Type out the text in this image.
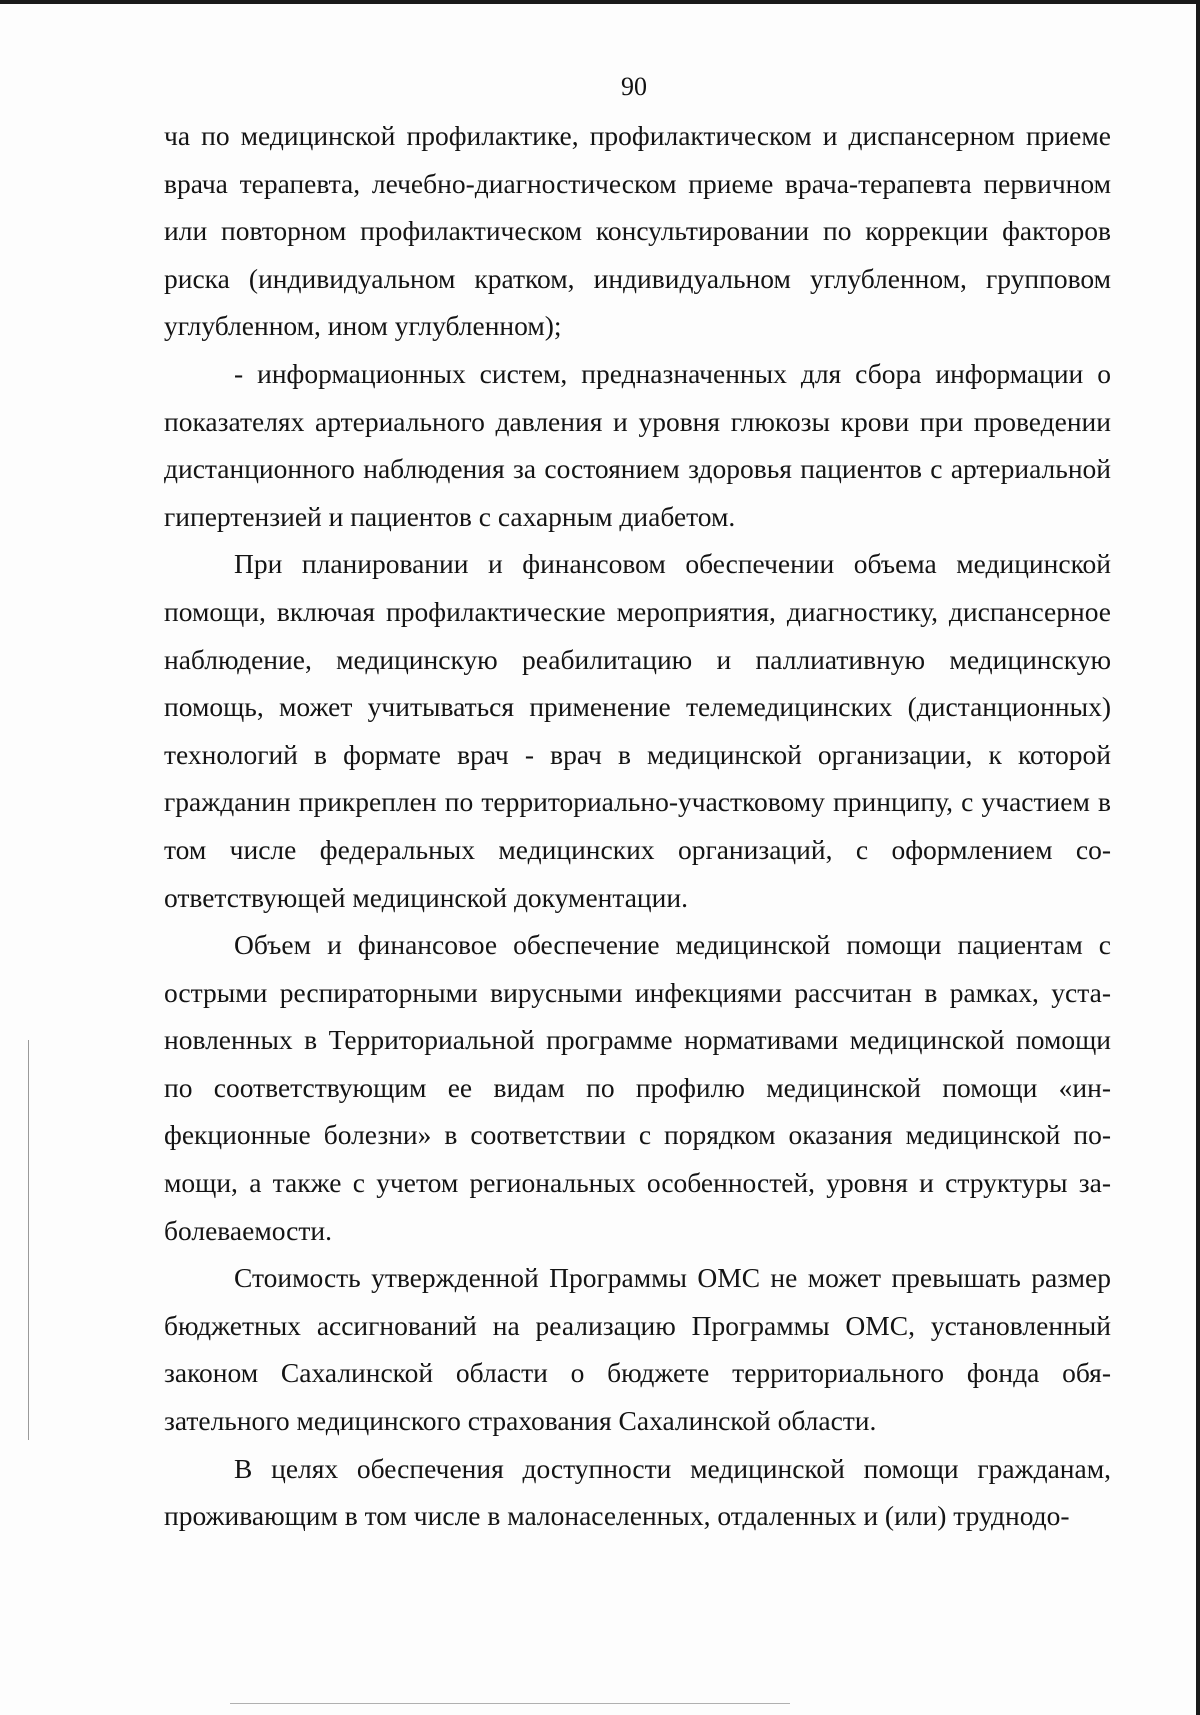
90

ча по медицинской профилактике, профилактическом и диспансерном приеме врача терапевта, лечебно-диагностическом приеме врача-терапевта первичном или повторном профилактическом консультировании по коррекции факторов риска (индивидуальном кратком, индивидуальном углубленном, групповом углубленном, ином углубленном);

- информационных систем, предназначенных для сбора информации о показателях артериального давления и уровня глюкозы крови при проведении дистанционного наблюдения за состоянием здоровья пациентов с артериальной гипертензией и пациентов с сахарным диабетом.

При планировании и финансовом обеспечении объема медицинской помощи, включая профилактические мероприятия, диагностику, диспансерное наблюдение, медицинскую реабилитацию и паллиативную медицинскую помощь, может учитываться применение телемедицинских (дистанционных) технологий в формате врач - врач в медицинской организации, к которой гражданин прикреплен по территориально-участковому принципу, с участием в том числе федеральных медицинских организаций, с оформлением соответствующей медицинской документации.

Объем и финансовое обеспечение медицинской помощи пациентам с острыми респираторными вирусными инфекциями рассчитан в рамках, установленных в Территориальной программе нормативами медицинской помощи по соответствующим ее видам по профилю медицинской помощи «инфекционные болезни» в соответствии с порядком оказания медицинской помощи, а также с учетом региональных особенностей, уровня и структуры заболеваемости.

Стоимость утвержденной Программы ОМС не может превышать размер бюджетных ассигнований на реализацию Программы ОМС, установленный законом Сахалинской области о бюджете территориального фонда обязательного медицинского страхования Сахалинской области.

В целях обеспечения доступности медицинской помощи гражданам, проживающим в том числе в малонаселенных, отдаленных и (или) труднодо-
